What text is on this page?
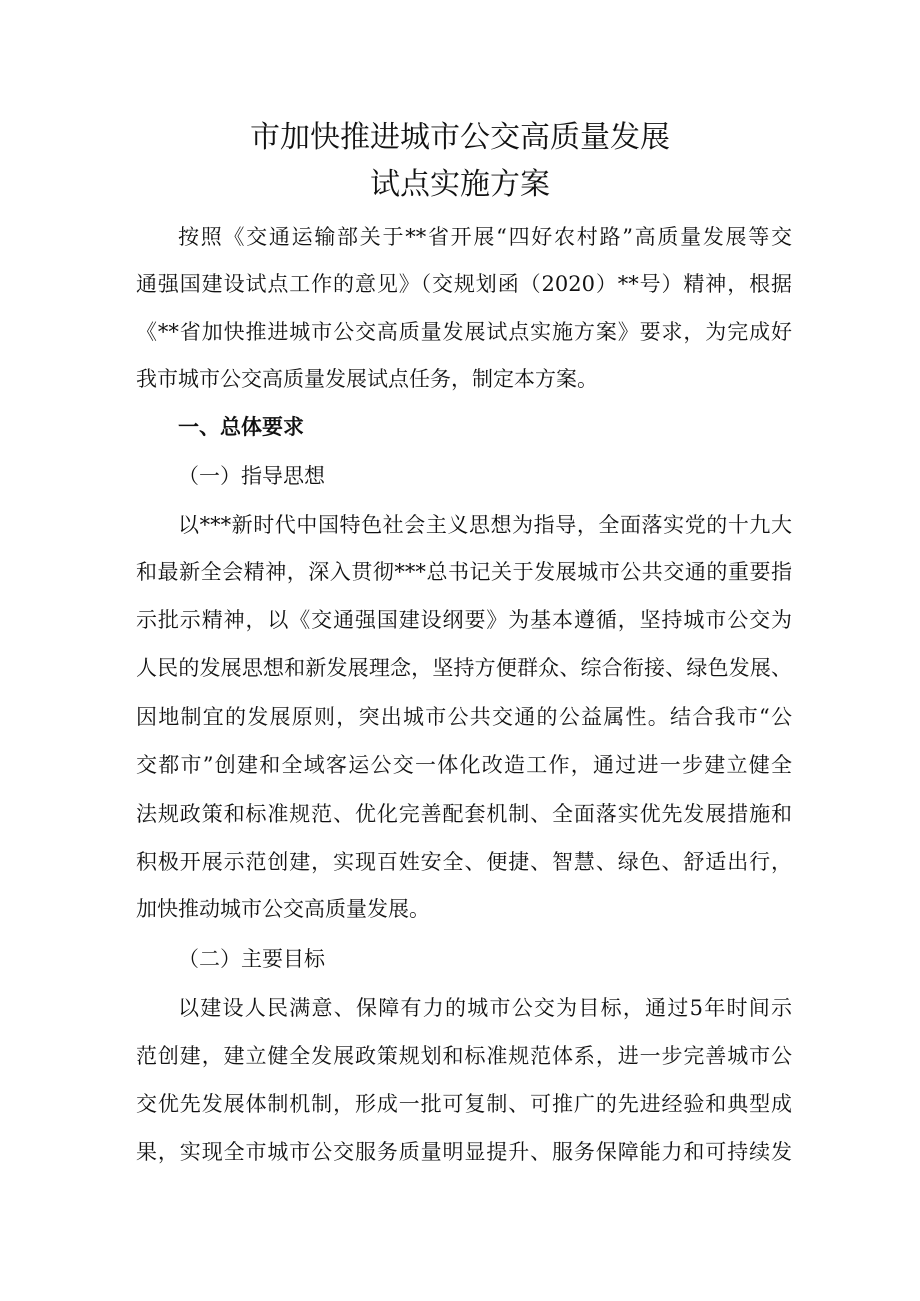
市加快推进城市公交高质量发展
试点实施方案
按照《交通运输部关于**省开展“四好农村路”高质量发展等交
通强国建设试点工作的意见》（交规划函（2020）**号）精神，根据
《**省加快推进城市公交高质量发展试点实施方案》要求，为完成好
我市城市公交高质量发展试点任务，制定本方案。
一、总体要求
（一）指导思想
以***新时代中国特色社会主义思想为指导，全面落实党的十九大
和最新全会精神，深入贯彻***总书记关于发展城市公共交通的重要指
示批示精神，以《交通强国建设纲要》为基本遵循，坚持城市公交为
人民的发展思想和新发展理念，坚持方便群众、综合衔接、绿色发展、
因地制宜的发展原则，突出城市公共交通的公益属性。结合我市“公
交都市”创建和全域客运公交一体化改造工作，通过进一步建立健全
法规政策和标准规范、优化完善配套机制、全面落实优先发展措施和
积极开展示范创建，实现百姓安全、便捷、智慧、绿色、舒适出行，
加快推动城市公交高质量发展。
（二）主要目标
以建设人民满意、保障有力的城市公交为目标，通过5年时间示
范创建，建立健全发展政策规划和标准规范体系，进一步完善城市公
交优先发展体制机制，形成一批可复制、可推广的先进经验和典型成
果，实现全市城市公交服务质量明显提升、服务保障能力和可持续发
